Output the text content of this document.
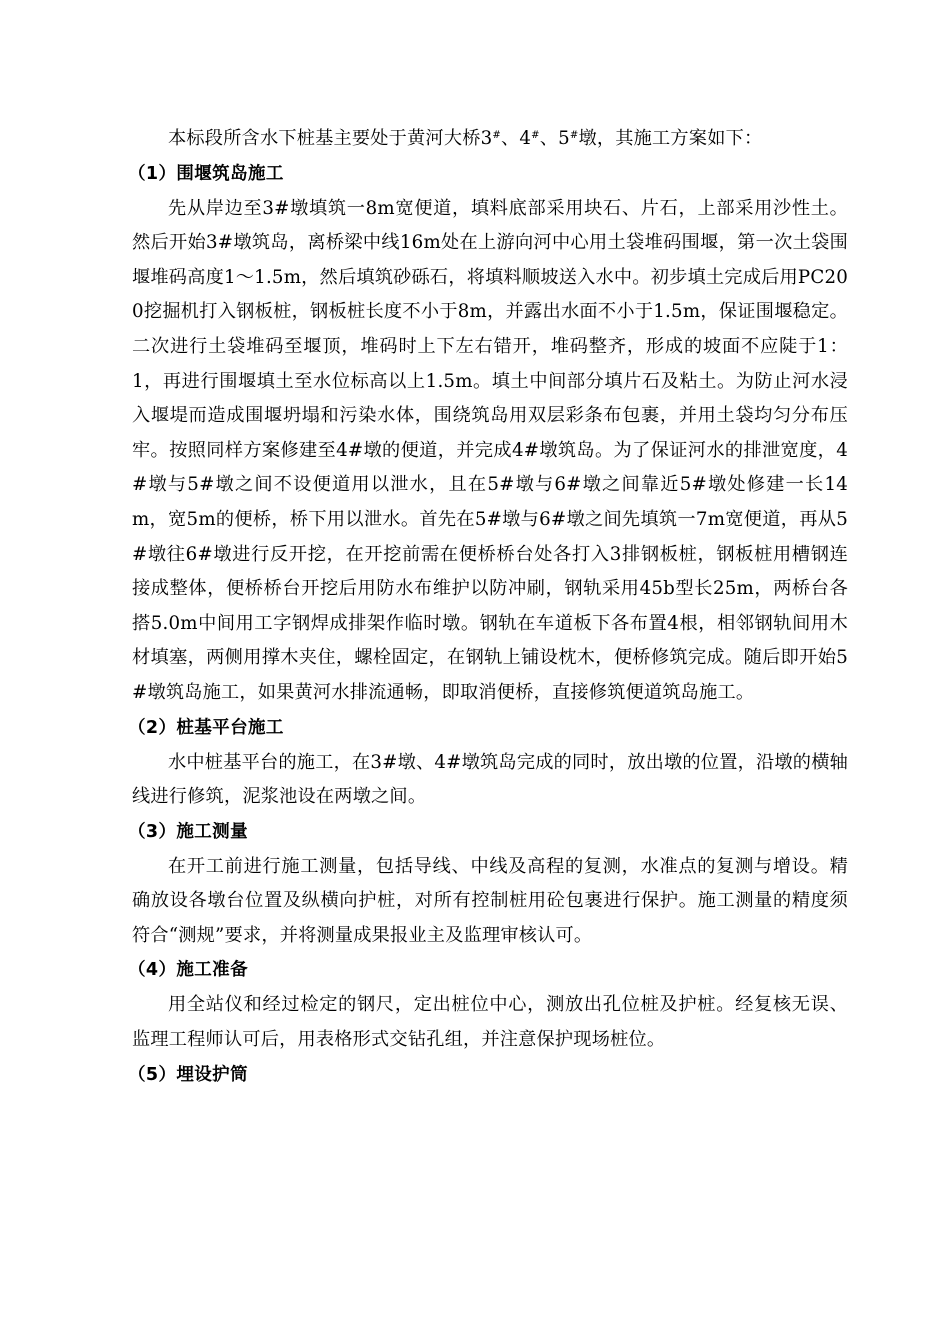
本标段所含水下桩基主要处于黄河大桥3#、4#、5#墩，其施工方案如下：

（1）围堰筑岛施工

先从岸边至3#墩填筑一8m宽便道，填料底部采用块石、片石，上部采用沙性土。然后开始3#墩筑岛，离桥梁中线16m处在上游向河中心用土袋堆码围堰，第一次土袋围堰堆码高度1～1.5m，然后填筑砂砾石，将填料顺坡送入水中。初步填土完成后用PC200挖掘机打入钢板桩，钢板桩长度不小于8m，并露出水面不小于1.5m，保证围堰稳定。二次进行土袋堆码至堰顶，堆码时上下左右错开，堆码整齐，形成的坡面不应陡于1：1，再进行围堰填土至水位标高以上1.5m。填土中间部分填片石及粘土。为防止河水浸入堰堤而造成围堰坍塌和污染水体，围绕筑岛用双层彩条布包裹，并用土袋均匀分布压牢。按照同样方案修建至4#墩的便道，并完成4#墩筑岛。为了保证河水的排泄宽度，4#墩与5#墩之间不设便道用以泄水，且在5#墩与6#墩之间靠近5#墩处修建一长14m，宽5m的便桥，桥下用以泄水。首先在5#墩与6#墩之间先填筑一7m宽便道，再从5#墩往6#墩进行反开挖，在开挖前需在便桥桥台处各打入3排钢板桩，钢板桩用槽钢连接成整体，便桥桥台开挖后用防水布维护以防冲刷，钢轨采用45b型长25m，两桥台各搭5.0m中间用工字钢焊成排架作临时墩。钢轨在车道板下各布置4根，相邻钢轨间用木材填塞，两侧用撑木夹住，螺栓固定，在钢轨上铺设枕木，便桥修筑完成。随后即开始5#墩筑岛施工，如果黄河水排流通畅，即取消便桥，直接修筑便道筑岛施工。

（2）桩基平台施工

水中桩基平台的施工，在3#墩、4#墩筑岛完成的同时，放出墩的位置，沿墩的横轴线进行修筑，泥浆池设在两墩之间。

（3）施工测量

在开工前进行施工测量，包括导线、中线及高程的复测，水准点的复测与增设。精确放设各墩台位置及纵横向护桩，对所有控制桩用砼包裹进行保护。施工测量的精度须符合“测规”要求，并将测量成果报业主及监理审核认可。

（4）施工准备

用全站仪和经过检定的钢尺，定出桩位中心，测放出孔位桩及护桩。经复核无误、监理工程师认可后，用表格形式交钻孔组，并注意保护现场桩位。

（5）埋设护筒
